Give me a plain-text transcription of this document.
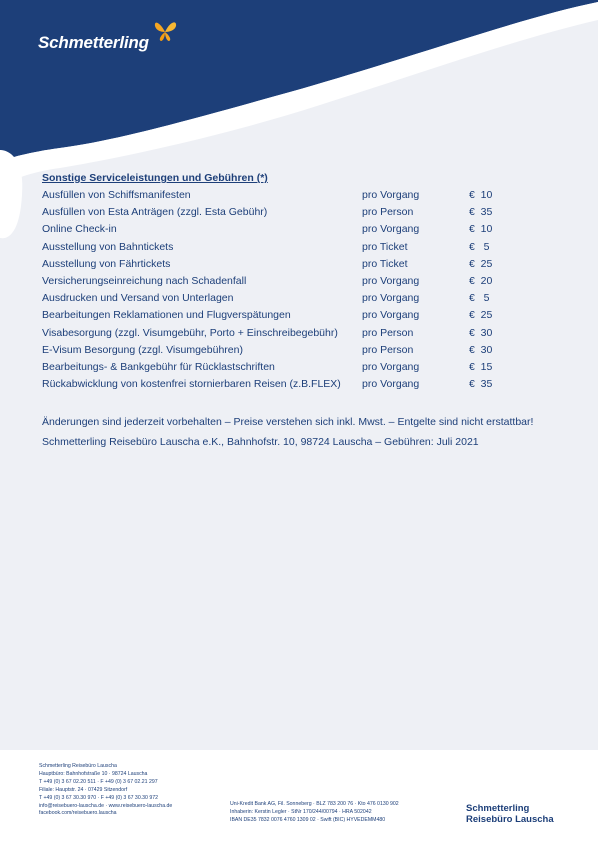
Schmetterling
Sonstige Serviceleistungen und Gebühren (*)
Ausfüllen von Schiffsmanifesten	pro Vorgang	€  10
Ausfüllen von Esta Anträgen (zzgl. Esta Gebühr)	pro Person	€  35
Online Check-in	pro Vorgang	€  10
Ausstellung von Bahntickets	pro Ticket	€   5
Ausstellung von Fährtickets	pro Ticket	€  25
Versicherungseinreichung nach Schadenfall	pro Vorgang	€  20
Ausdrucken und Versand von Unterlagen	pro Vorgang	€   5
Bearbeitungen Reklamationen und Flugverspätungen	pro Vorgang	€  25
Visabesorgung (zzgl. Visumgebühr, Porto + Einschreibegebühr)	pro Person	€  30
E-Visum Besorgung (zzgl. Visumgebühren)	pro Person	€  30
Bearbeitungs- & Bankgebühr für Rücklastschriften	pro Vorgang	€  15
Rückabwicklung von kostenfrei stornierbaren Reisen (z.B.FLEX)	pro Vorgang	€  35
Änderungen sind jederzeit vorbehalten – Preise verstehen sich inkl. Mwst. – Entgelte sind nicht erstattbar!
Schmetterling Reisebüro Lauscha e.K., Bahnhofstr. 10, 98724 Lauscha – Gebühren: Juli 2021
Schmetterling Reisebüro Lauscha
Hauptbüro: Bahnhofstraße 10 · 98724 Lauscha
T +49 (0) 3 67 02.20 511 · F +49 (0) 3 67 02.21 297
Filiale: Hauptstr. 24 · 07429 Sitzendorf
T +49 (0) 3 67 30.30 970 · F +49 (0) 3 67 30.30 972
info@reisebuero-lauscha.de · www.reisebuero-lauscha.de
facebook.com/reisebuero.lauscha
Uni-Kredit Bank AG, Fil. Sonneberg · BLZ 783 200 76 · Kto 476 0130 902
Inhaberin: Kerstin Legler · StNr 170/244/00794 · HRA 502042
IBAN DE35 7832 0076 4760 1309 02 · Swift (BIC) HYVEDEMM480
Schmetterling
Reisebüro Lauscha
